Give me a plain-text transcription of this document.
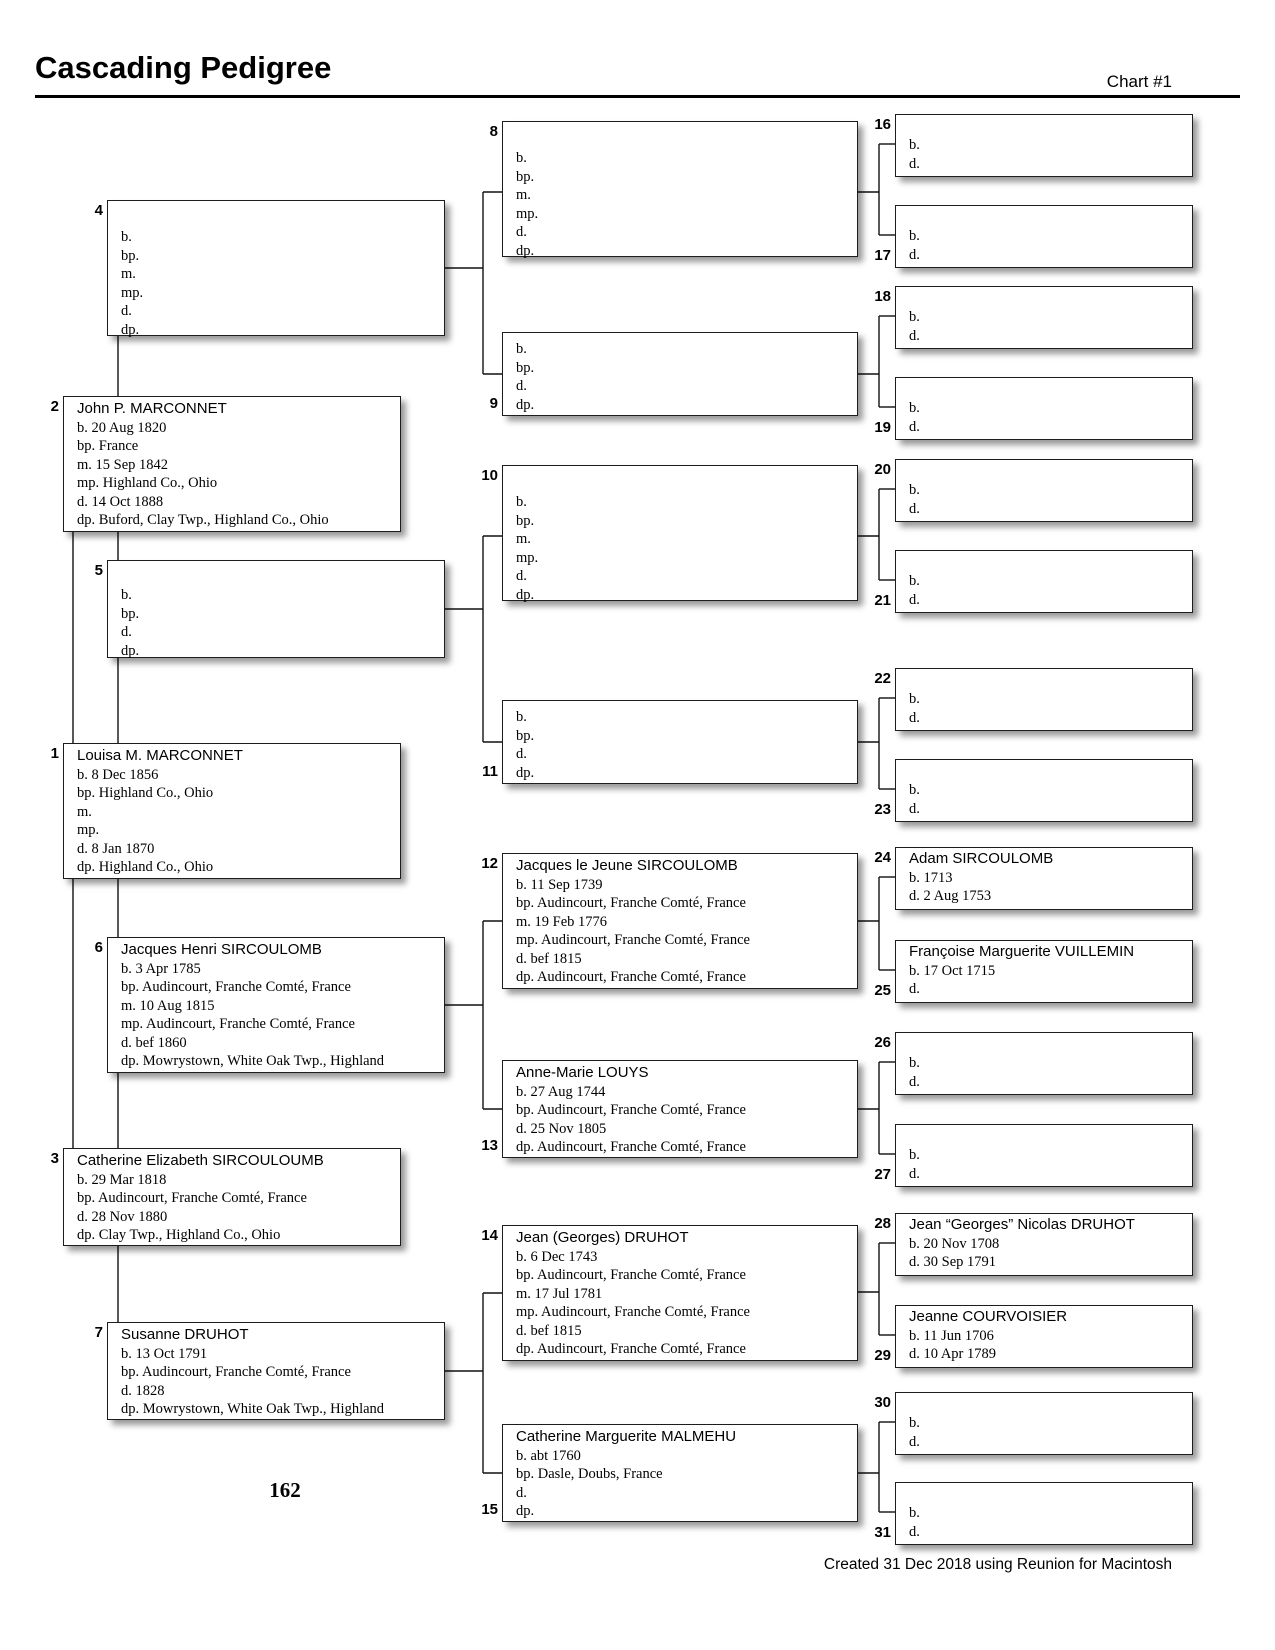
Cascading Pedigree	Chart #1
Louisa M. MARCONNET
b. 8 Dec 1856
bp. Highland Co., Ohio
m.
mp.
d. 8 Jan 1870
dp. Highland Co., Ohio
1
John P. MARCONNET
b. 20 Aug 1820
bp. France
m. 15 Sep 1842
mp. Highland Co., Ohio
d. 14 Oct 1888
dp. Buford, Clay Twp., Highland Co., Ohio
2
Catherine Elizabeth SIRCOULOUMB
b. 29 Mar 1818
bp. Audincourt, Franche Comté, France
d. 28 Nov 1880
dp. Clay Twp., Highland Co., Ohio
3
b.
bp.
m.
mp.
d.
dp.
4
b.
bp.
d.
dp.
5
Jacques Henri SIRCOULOMB
b. 3 Apr 1785
bp. Audincourt, Franche Comté, France
m. 10 Aug 1815
mp. Audincourt, Franche Comté, France
d. bef 1860
dp. Mowrystown, White Oak Twp., Highland
6
Susanne DRUHOT
b. 13 Oct 1791
bp. Audincourt, Franche Comté, France
d. 1828
dp. Mowrystown, White Oak Twp., Highland
7
b.
bp.
m.
mp.
d.
dp.
8
b.
bp.
d.
dp.
9
b.
bp.
m.
mp.
d.
dp.
10
b.
bp.
d.
dp.
11
Jacques le Jeune SIRCOULOMB
b. 11 Sep 1739
bp. Audincourt, Franche Comté, France
m. 19 Feb 1776
mp. Audincourt, Franche Comté, France
d. bef 1815
dp. Audincourt, Franche Comté, France
12
Anne-Marie LOUYS
b. 27 Aug 1744
bp. Audincourt, Franche Comté, France
d. 25 Nov 1805
dp. Audincourt, Franche Comté, France
13
Jean (Georges) DRUHOT
b. 6 Dec 1743
bp. Audincourt, Franche Comté, France
m. 17 Jul 1781
mp. Audincourt, Franche Comté, France
d. bef 1815
dp. Audincourt, Franche Comté, France
14
Catherine Marguerite MALMEHU
b. abt 1760
bp. Dasle, Doubs, France
d.
dp.
15
b.
d.
16
b.
d.
17
b.
d.
18
b.
d.
19
b.
d.
20
b.
d.
21
b.
d.
22
b.
d.
23
Adam SIRCOULOMB
b. 1713
d. 2 Aug 1753
24
Françoise Marguerite VUILLEMIN
b. 17 Oct 1715
d.
25
b.
d.
26
b.
d.
27
Jean “Georges” Nicolas DRUHOT
b. 20 Nov 1708
d. 30 Sep 1791
28
Jeanne COURVOISIER
b. 11 Jun 1706
d. 10 Apr 1789
29
b.
d.
30
b.
d.
31
162
Created 31 Dec 2018 using Reunion for Macintosh
